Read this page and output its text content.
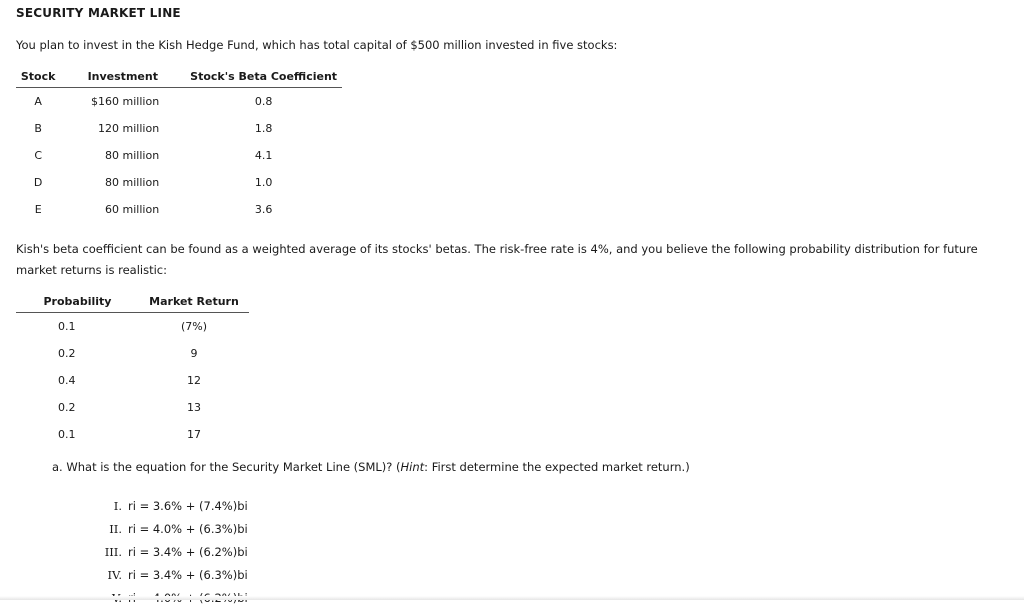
SECURITY MARKET LINE
You plan to invest in the Kish Hedge Fund, which has total capital of $500 million invested in five stocks:
Stock	Investment	Stock's Beta Coefficient
A	$160 million	0.8
B	120 million	1.8
C	80 million	4.1
D	80 million	1.0
E	60 million	3.6
Kish's beta coefficient can be found as a weighted average of its stocks' betas. The risk-free rate is 4%, and you believe the following probability distribution for future market returns is realistic:
Probability	Market Return
0.1	(7%)
0.2	9
0.4	12
0.2	13
0.1	17
a. What is the equation for the Security Market Line (SML)? (Hint: First determine the expected market return.)
I. ri = 3.6% + (7.4%)bi
II. ri = 4.0% + (6.3%)bi
III. ri = 3.4% + (6.2%)bi
IV. ri = 3.4% + (6.3%)bi
